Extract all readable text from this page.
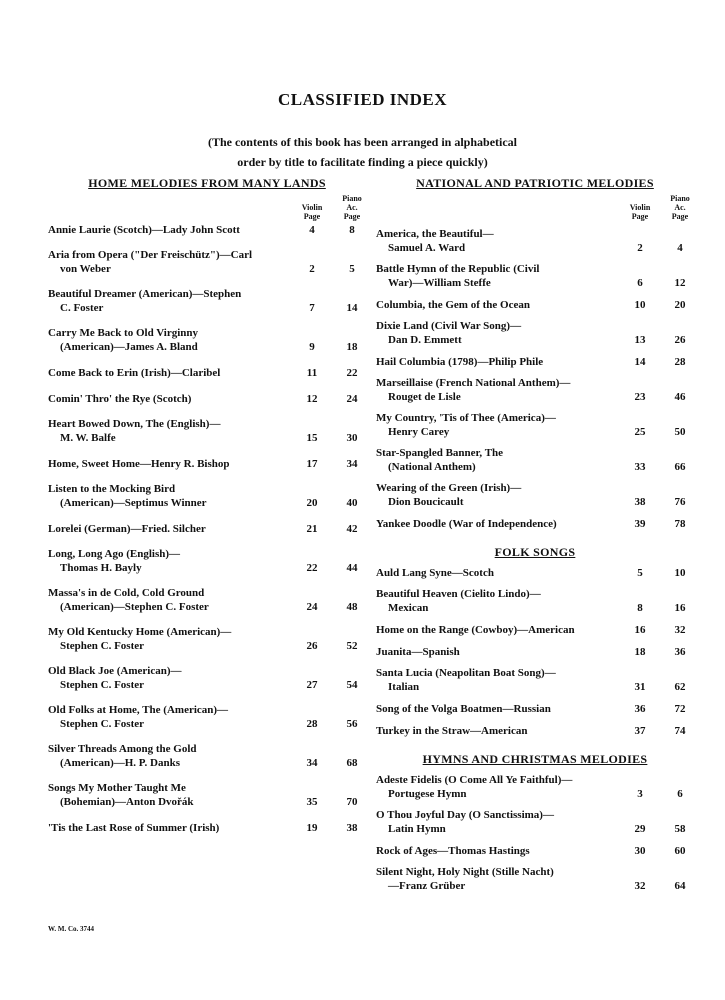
CLASSIFIED INDEX
(The contents of this book has been arranged in alphabetical
order by title to facilitate finding a piece quickly)
HOME MELODIES FROM MANY LANDS
Violin
Page
Piano
Ac.
Page
Annie Laurie (Scotch)—Lady John Scott	4	8
Aria from Opera ("Der Freischütz")—Carl
von Weber	2	5
Beautiful Dreamer (American)—Stephen
C. Foster	7	14
Carry Me Back to Old Virginny
(American)—James A. Bland	9	18
Come Back to Erin (Irish)—Claribel	11	22
Comin' Thro' the Rye (Scotch)	12	24
Heart Bowed Down, The (English)—
M. W. Balfe	15	30
Home, Sweet Home—Henry R. Bishop	17	34
Listen to the Mocking Bird
(American)—Septimus Winner	20	40
Lorelei (German)—Fried. Silcher	21	42
Long, Long Ago (English)—
Thomas H. Bayly	22	44
Massa's in de Cold, Cold Ground
(American)—Stephen C. Foster	24	48
My Old Kentucky Home (American)—
Stephen C. Foster	26	52
Old Black Joe (American)—
Stephen C. Foster	27	54
Old Folks at Home, The (American)—
Stephen C. Foster	28	56
Silver Threads Among the Gold
(American)—H. P. Danks	34	68
Songs My Mother Taught Me
(Bohemian)—Anton Dvořák	35	70
'Tis the Last Rose of Summer (Irish)	19	38
NATIONAL AND PATRIOTIC MELODIES
Violin
Page
Piano
Ac.
Page
America, the Beautiful—
Samuel A. Ward	2	4
Battle Hymn of the Republic (Civil
War)—William Steffe	6	12
Columbia, the Gem of the Ocean	10	20
Dixie Land (Civil War Song)—
Dan D. Emmett	13	26
Hail Columbia (1798)—Philip Phile	14	28
Marseillaise (French National Anthem)—
Rouget de Lisle	23	46
My Country, 'Tis of Thee (America)—
Henry Carey	25	50
Star-Spangled Banner, The
(National Anthem)	33	66
Wearing of the Green (Irish)—
Dion Boucicault	38	76
Yankee Doodle (War of Independence)	39	78
FOLK SONGS
Auld Lang Syne—Scotch	5	10
Beautiful Heaven (Cielito Lindo)—
Mexican	8	16
Home on the Range (Cowboy)—American	16	32
Juanita—Spanish	18	36
Santa Lucia (Neapolitan Boat Song)—
Italian	31	62
Song of the Volga Boatmen—Russian	36	72
Turkey in the Straw—American	37	74
HYMNS AND CHRISTMAS MELODIES
Adeste Fidelis (O Come All Ye Faithful)—
Portugese Hymn	3	6
O Thou Joyful Day (O Sanctissima)—
Latin Hymn	29	58
Rock of Ages—Thomas Hastings	30	60
Silent Night, Holy Night (Stille Nacht)
—Franz Grüber	32	64
W. M. Co. 3744
